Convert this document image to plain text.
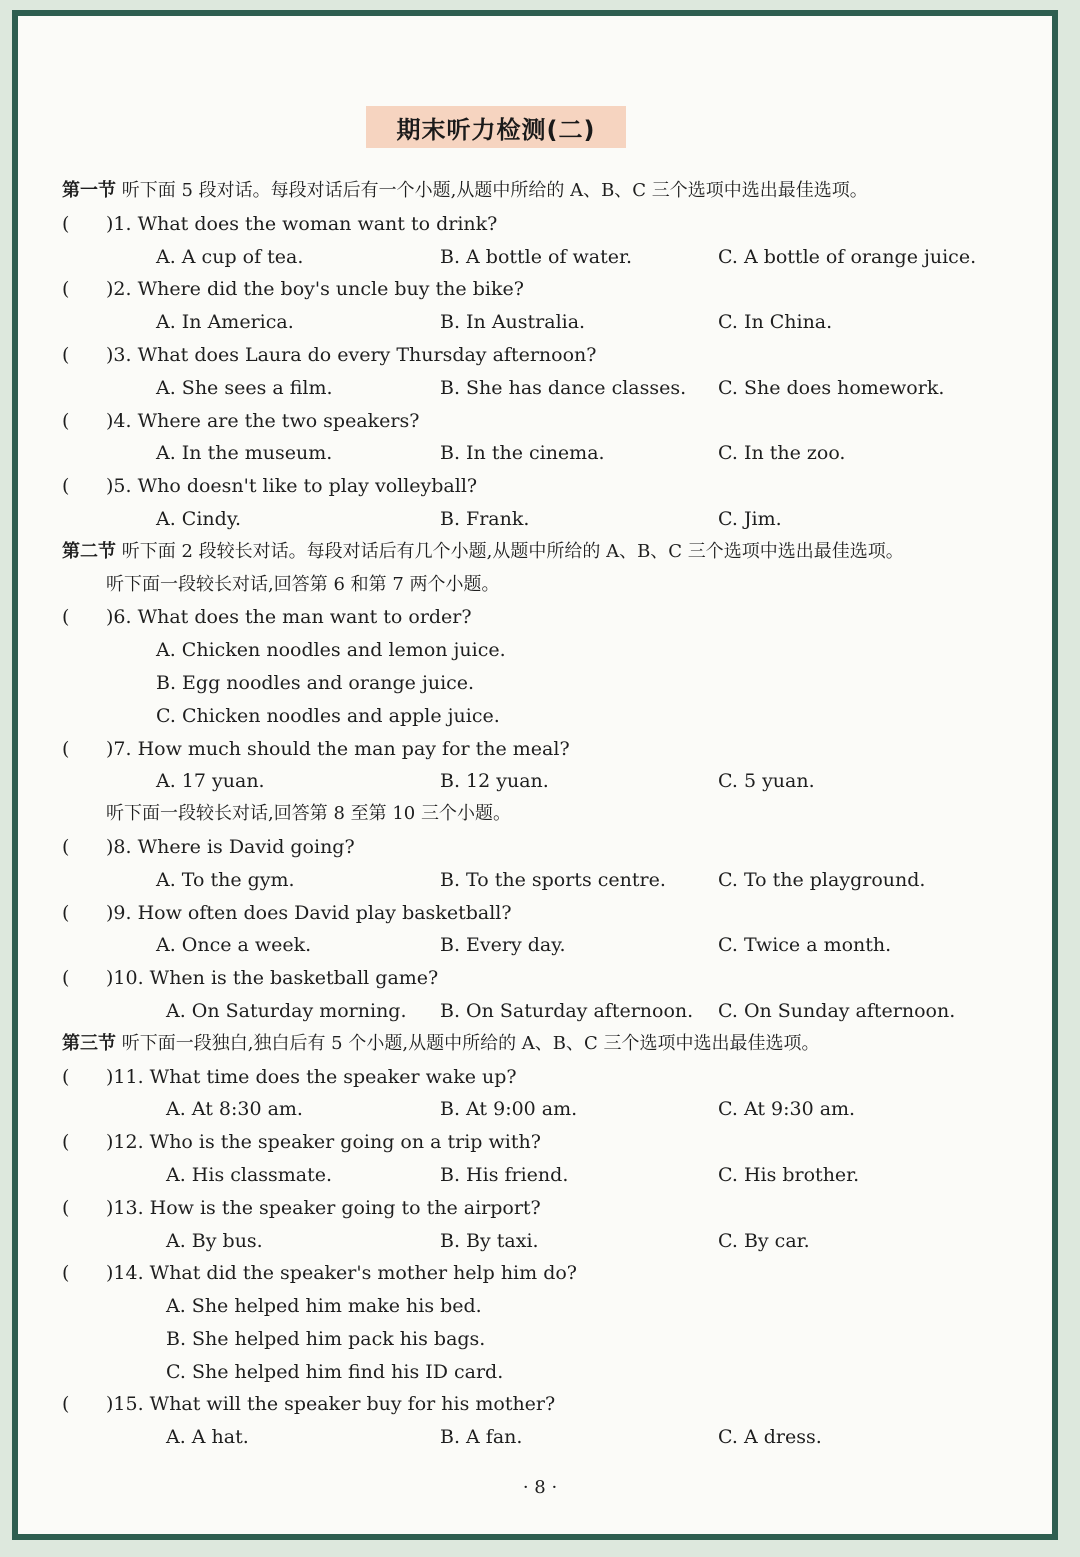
期末听力检测(二)
第一节 听下面 5 段对话。每段对话后有一个小题,从题中所给的 A、B、C 三个选项中选出最佳选项。
( )1. What does the woman want to drink?
A. A cup of tea.	B. A bottle of water.	C. A bottle of orange juice.
( )2. Where did the boy's uncle buy the bike?
A. In America.	B. In Australia.	C. In China.
( )3. What does Laura do every Thursday afternoon?
A. She sees a film.	B. She has dance classes. C. She does homework.
( )4. Where are the two speakers?
A. In the museum.	B. In the cinema.	C. In the zoo.
( )5. Who doesn't like to play volleyball?
A. Cindy.	B. Frank.	C. Jim.
第二节 听下面 2 段较长对话。每段对话后有几个小题,从题中所给的 A、B、C 三个选项中选出最佳选项。
听下面一段较长对话,回答第 6 和第 7 两个小题。
( )6. What does the man want to order?
A. Chicken noodles and lemon juice.
B. Egg noodles and orange juice.
C. Chicken noodles and apple juice.
( )7. How much should the man pay for the meal?
A. 17 yuan.	B. 12 yuan.	C. 5 yuan.
听下面一段较长对话,回答第 8 至第 10 三个小题。
( )8. Where is David going?
A. To the gym.	B. To the sports centre.	C. To the playground.
( )9. How often does David play basketball?
A. Once a week.	B. Every day.	C. Twice a month.
( )10. When is the basketball game?
A. On Saturday morning. B. On Saturday afternoon. C. On Sunday afternoon.
第三节 听下面一段独白,独白后有 5 个小题,从题中所给的 A、B、C 三个选项中选出最佳选项。
( )11. What time does the speaker wake up?
A. At 8:30 am.	B. At 9:00 am.	C. At 9:30 am.
( )12. Who is the speaker going on a trip with?
A. His classmate.	B. His friend.	C. His brother.
( )13. How is the speaker going to the airport?
A. By bus.	B. By taxi.	C. By car.
( )14. What did the speaker's mother help him do?
A. She helped him make his bed.
B. She helped him pack his bags.
C. She helped him find his ID card.
( )15. What will the speaker buy for his mother?
A. A hat.	B. A fan.	C. A dress.
· 8 ·
